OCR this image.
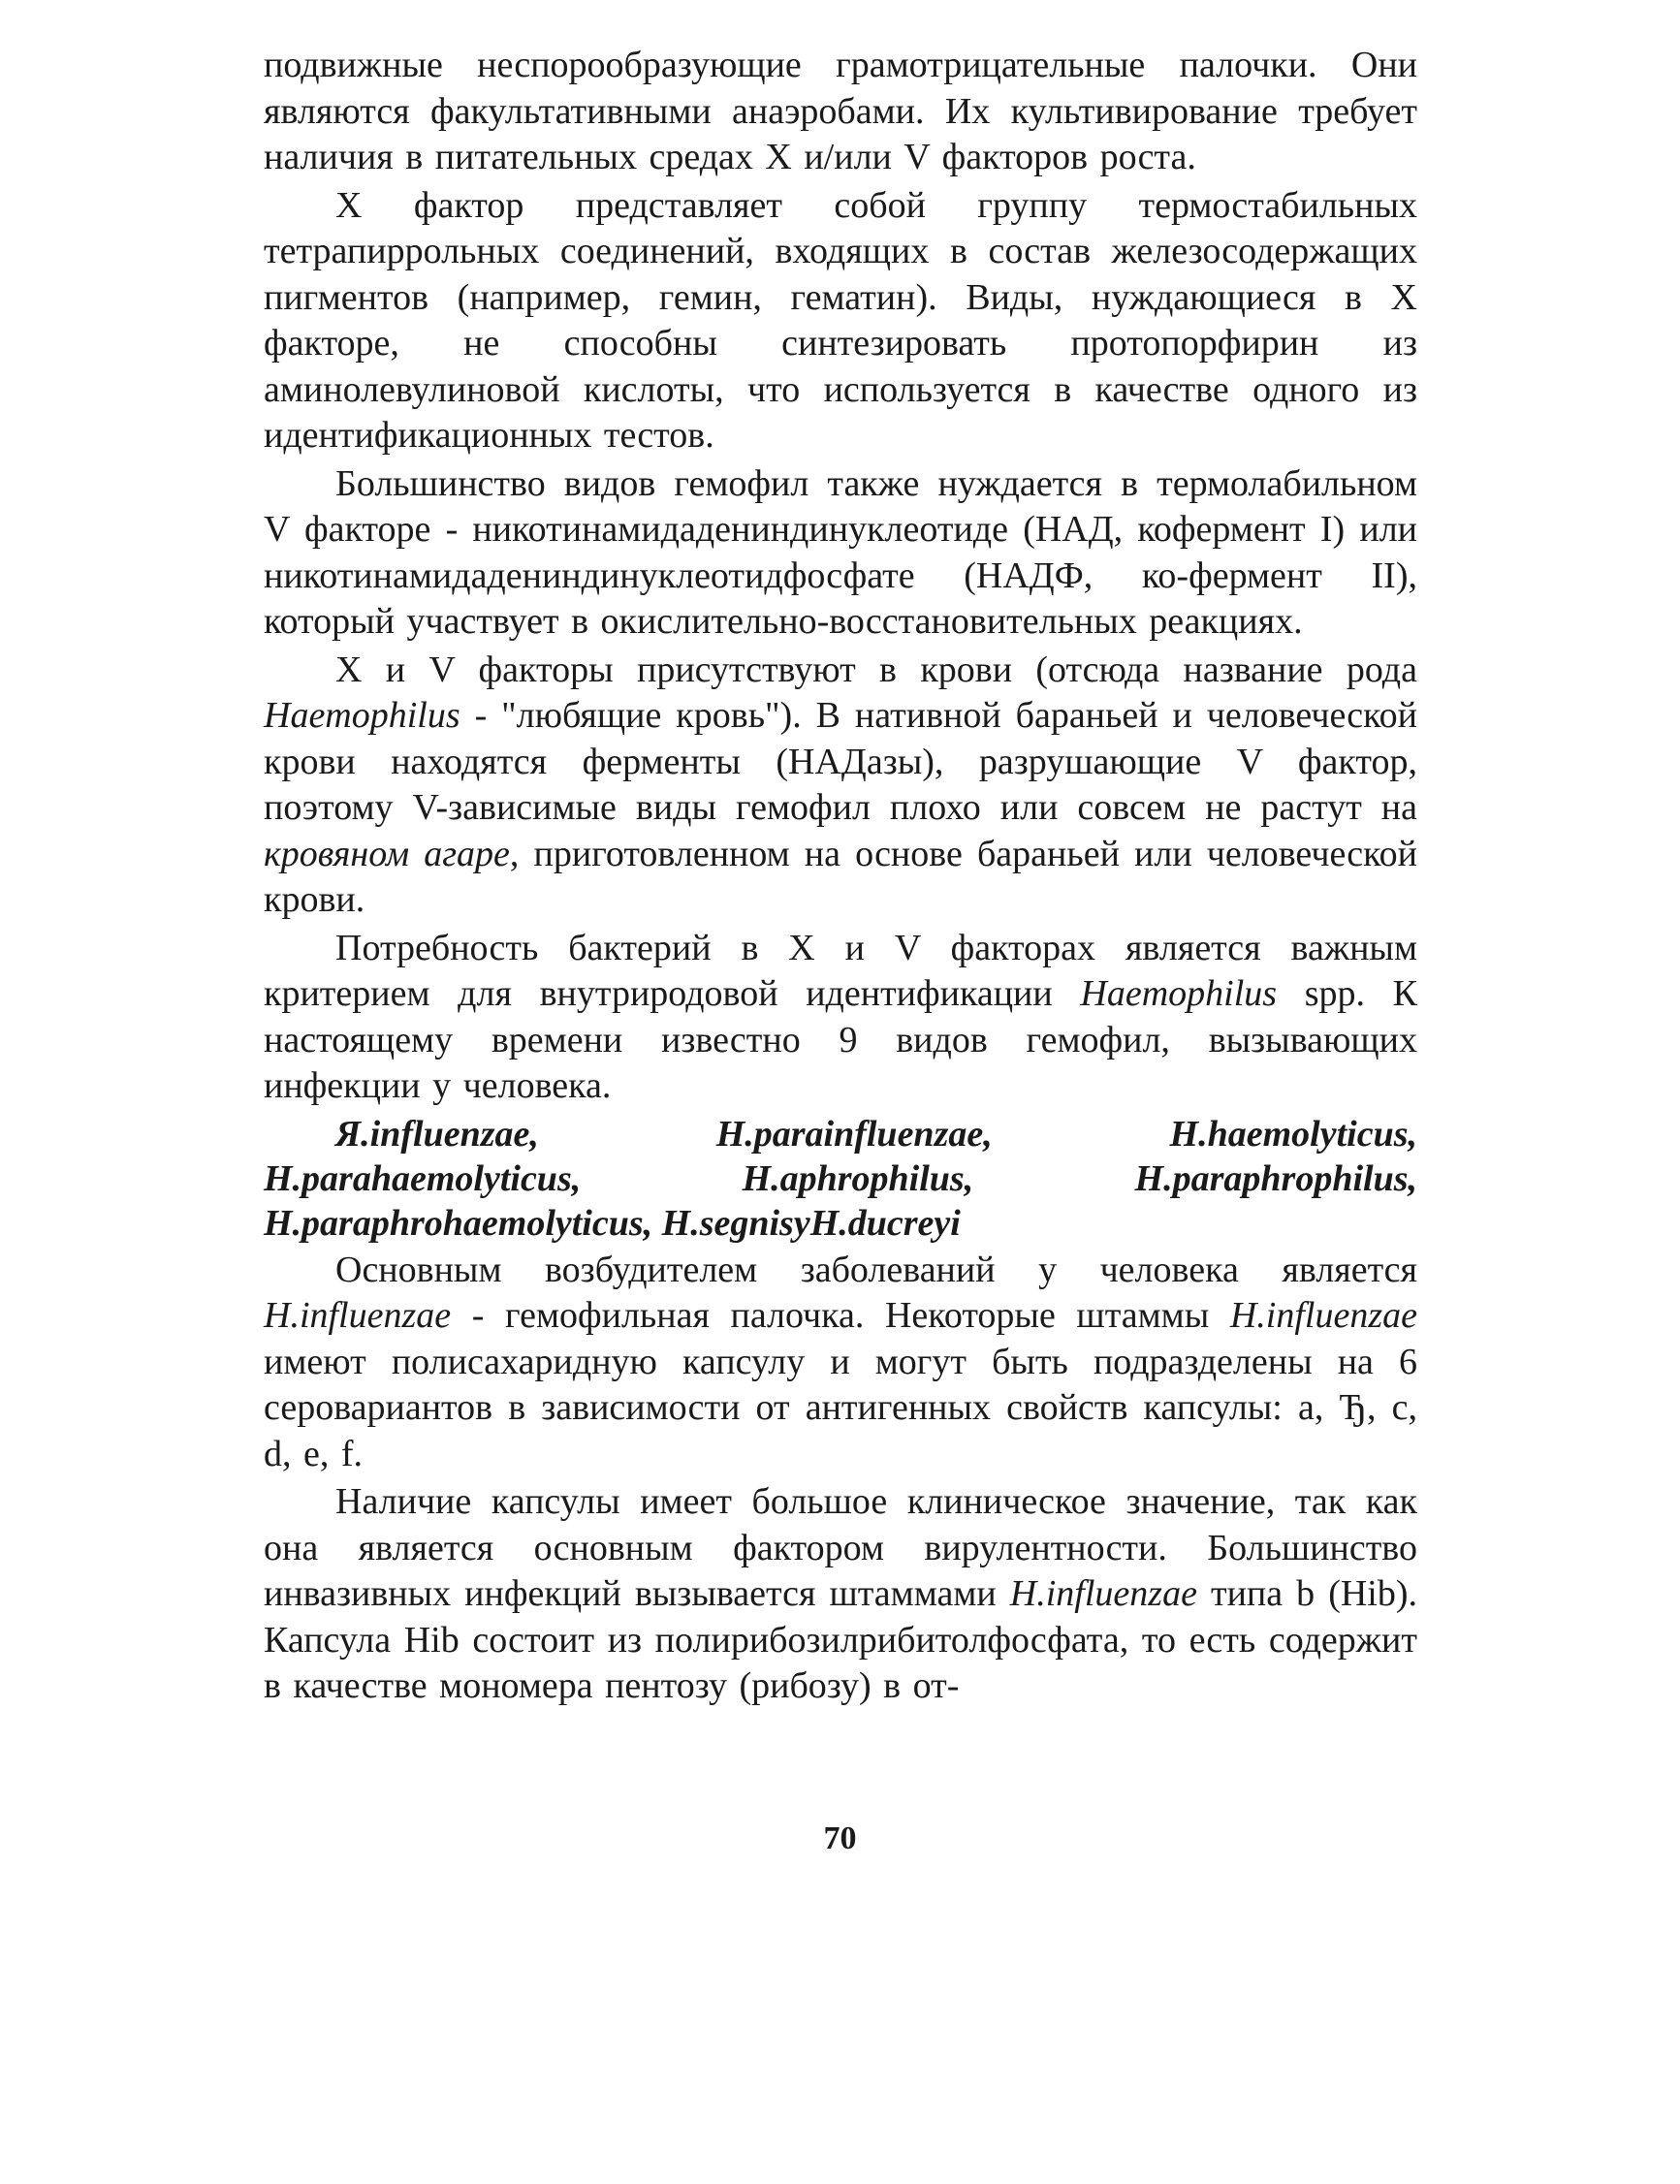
подвижные неспорообразующие грамотрицательные палочки. Они являются факультативными анаэробами. Их культивирование требует наличия в питательных средах X и/или V факторов роста.

X фактор представляет собой группу термостабильных тетрапиррольных соединений, входящих в состав железосодержащих пигментов (например, гемин, гематин). Виды, нуждающиеся в X факторе, не способны синтезировать протопорфирин из аминолевулиновой кислоты, что используется в качестве одного из идентификационных тестов.

Большинство видов гемофил также нуждается в термолабильном V факторе - никотинамидадениндинуклеотиде (НАД, кофермент I) или никотинамидадениндинуклеотидфосфате (НАДФ, ко-фермент II), который участвует в окислительно-восстановительных реакциях.

X и V факторы присутствуют в крови (отсюда название рода Haemophilus - "любящие кровь"). В нативной бараньей и человеческой крови находятся ферменты (НАДазы), разрушающие V фактор, поэтому V-зависимые виды гемофил плохо или совсем не растут на кровяном агаре, приготовленном на основе бараньей или человеческой крови.

Потребность бактерий в X и V факторах является важным критерием для внутриродовой идентификации Haemophilus spp. К настоящему времени известно 9 видов гемофил, вызывающих инфекции у человека.

Я.influenzae,	H.parainfluenzae,	H.haemolyticus,
H.parahaemolyticus,	H.aphrophilus,	H.paraphrophilus,
H.paraphrohaemolyticus, H.segnisyH.ducreyi

Основным возбудителем заболеваний у человека является H.influenzae - гемофильная палочка. Некоторые штаммы H.influenzae имеют полисахаридную капсулу и могут быть подразделены на 6 серовариантов в зависимости от антигенных свойств капсулы: a, Ђ, c, d, e, f.

Наличие капсулы имеет большое клиническое значение, так как она является основным фактором вирулентности. Большинство инвазивных инфекций вызывается штаммами H.influenzae типа b (Hib). Капсула Hib состоит из полирибозилрибитолфосфата, то есть содержит в качестве мономера пентозу (рибозу) в от-

70
